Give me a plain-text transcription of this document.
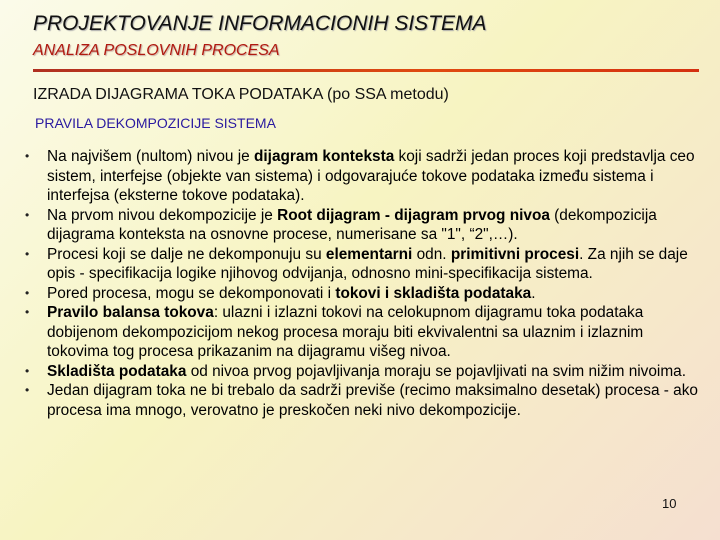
PROJEKTOVANJE INFORMACIONIH SISTEMA
ANALIZA POSLOVNIH PROCESA
IZRADA DIJAGRAMA TOKA PODATAKA (po SSA metodu)
PRAVILA DEKOMPOZICIJE SISTEMA
• Na najvišem (nultom) nivou je dijagram konteksta koji sadrži jedan proces koji predstavlja ceo sistem, interfejse (objekte van sistema) i odgovarajuće tokove podataka između sistema i interfejsa (eksterne tokove podataka).
• Na prvom nivou dekompozicije je Root dijagram - dijagram prvog nivoa (dekompozicija dijagrama konteksta na osnovne procese, numerisane sa "1", “2",…).
• Procesi koji se dalje ne dekomponuju su elementarni odn. primitivni procesi. Za njih se daje opis - specifikacija logike njihovog odvijanja, odnosno mini-specifikacija sistema.
• Pored procesa, mogu se dekomponovati i tokovi i skladišta podataka.
• Pravilo balansa tokova: ulazni i izlazni tokovi na celokupnom dijagramu toka podataka dobijenom dekompozicijom nekog procesa moraju biti ekvivalentni sa ulaznim i izlaznim tokovima tog procesa prikazanim na dijagramu višeg nivoa.
• Skladišta podataka od nivoa prvog pojavljivanja moraju se pojavljivati na svim nižim nivoima.
• Jedan dijagram toka ne bi trebalo da sadrži previše (recimo maksimalno desetak) procesa - ako procesa ima mnogo, verovatno je preskočen neki nivo dekompozicije.
10
